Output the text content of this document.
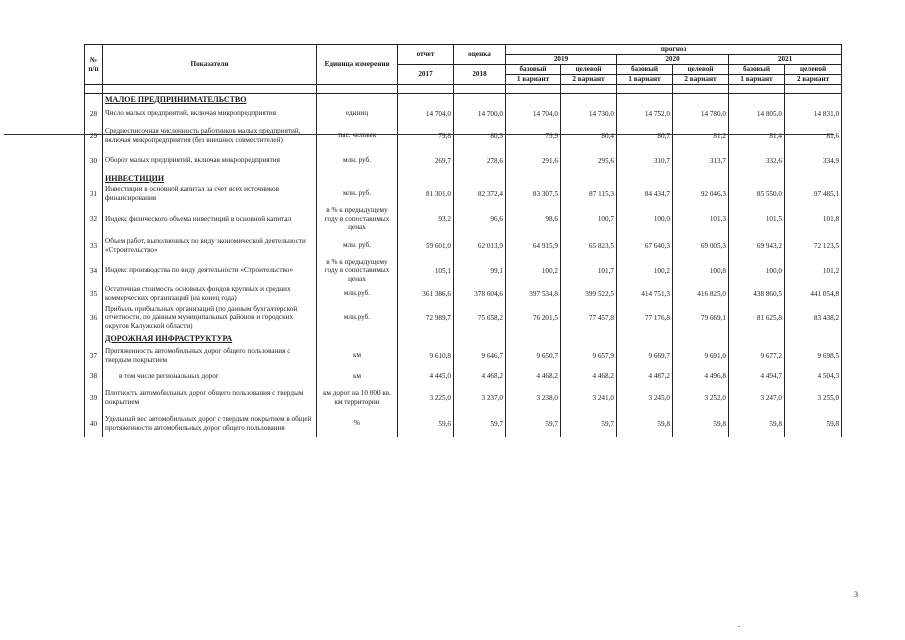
№ п/п	Показатели	Единица измерения	отчет	оценка	прогноз					
					2019		2020		2021	
			2017	2018	базовый	целевой	базовый	целевой	базовый	целевой
					1 вариант	2 вариант	1 вариант	2 вариант	1 вариант	2 вариант

	МАЛОЕ ПРЕДПРИНИМАТЕЛЬСТВО									
28	Число малых предприятий, включая микропредприятия	единиц	14 704,0	14 700,0	14 704,0	14 730,0	14 752,0	14 780,0	14 805,0	14 831,0
29	Среднесписочная численность работников малых предприятий, включая микропредприятия (без внешних совместителей)	тыс. человек	79,8	80,3	79,9	80,4	80,7	81,2	81,4	81,6
30	Оборот малых предприятий, включая микропредприятия	млн. руб.	269,7	278,6	291,6	295,6	310,7	313,7	332,6	334,9
	ИНВЕСТИЦИИ									
31	Инвестиции в основной капитал за счет всех источников финансирования	млн. руб.	81 301,0	82 372,4	83 307,5	87 115,3	84 434,7	92 046,3	85 550,0	97 485,1
32	Индекс физического объема инвестиций в основной капитал	в % к предыдущему году в сопоставимых ценах	93,2	96,6	98,6	100,7	100,0	101,3	101,5	101,8
33	Объем работ, выполненных по виду экономической деятельности «Строительство»	млн. руб.	59 601,0	62 013,9	64 915,9	65 823,5	67 640,3	69 005,3	69 943,2	72 123,5
34	Индекс производства по виду деятельности «Строительство»	в % к предыдущему году в сопоставимых ценах	105,1	99,1	100,2	101,7	100,2	100,8	100,0	101,2
35	Остаточная стоимость основных фондов крупных и средних коммерческих организаций (на конец года)	млн.руб.	361 386,6	378 604,6	397 534,8	399 522,5	414 751,3	416 825,0	438 860,5	441 054,8
36	Прибыль прибыльных организаций (по данным бухгалтерской отчетности, по данным муниципальных районов и городских округов Калужской области)	млн.руб.	72 989,7	75 658,2	76 201,5	77 457,8	77 176,8	79 669,1	81 625,8	83 438,2
	ДОРОЖНАЯ ИНФРАСТРУКТУРА									
37	Протяженность автомобильных дорог общего пользования с твердым покрытием	км	9 610,8	9 646,7	9 650,7	9 657,9	9 669,7	9 691,0	9 677,2	9 698,5
38	в том числе региональных дорог	км	4 445,0	4 468,2	4 468,2	4 468,2	4 487,2	4 496,8	4 494,7	4 504,3
39	Плотность автомобильных дорог общего пользования с твердым покрытием	км дорог на 10 000 кв. км территории	3 225,0	3 237,0	3 238,0	3 241,0	3 245,0	3 252,0	3 247,0	3 255,0
40	Удельный вес автомобильных дорог с твердым покрытием в общей протяженности автомобильных дорог общего пользования	%	59,6	59,7	59,7	59,7	59,8	59,8	59,8	59,8
3
